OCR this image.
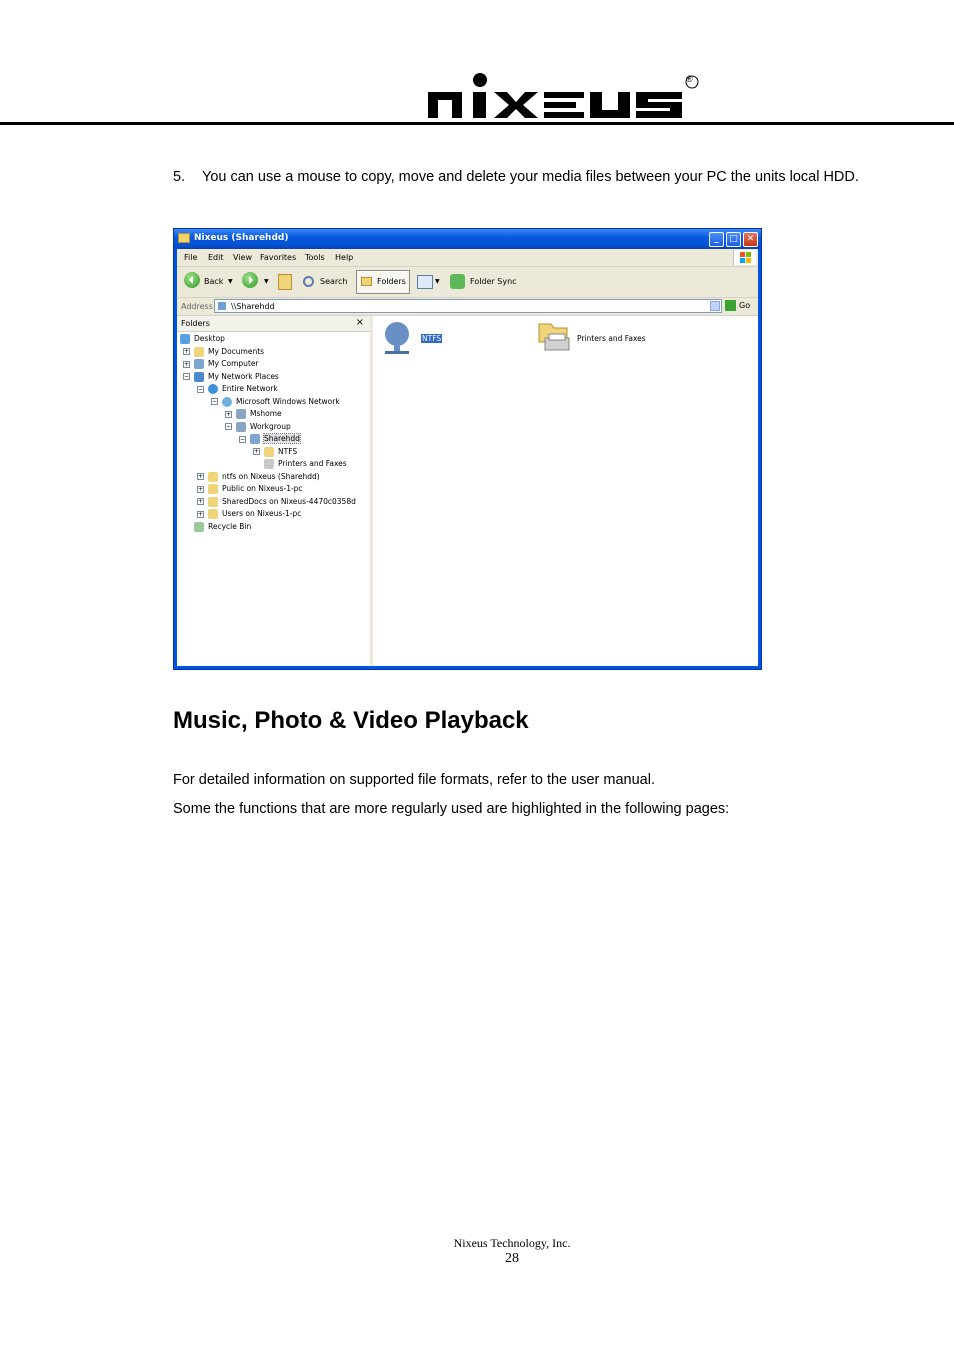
®
5. You can use a mouse to copy, move and delete your media files between your PC the units local HDD.
Nixeus (Sharehdd)	_	□ ✕
File Edit View Favorites Tools Help
Back ▼	▼	Search	Folders	▼	Folder Sync
Address \\Sharehdd	Go
Folders	×
Desktop
+	My Documents
+	My Computer
−	My Network Places
−	Entire Network
−	Microsoft Windows Network
+	Mshome
−	Workgroup
−	Sharehdd
+	NTFS
Printers and Faxes
+	ntfs on Nixeus (Sharehdd)
+	Public on Nixeus-1-pc
+	SharedDocs on Nixeus-4470c0358d
+	Users on Nixeus-1-pc
Recycle Bin
NTFS	Printers and Faxes
Music, Photo & Video Playback
For detailed information on supported file formats, refer to the user manual.
Some the functions that are more regularly used are highlighted in the following pages:
Nixeus Technology, Inc.
28
